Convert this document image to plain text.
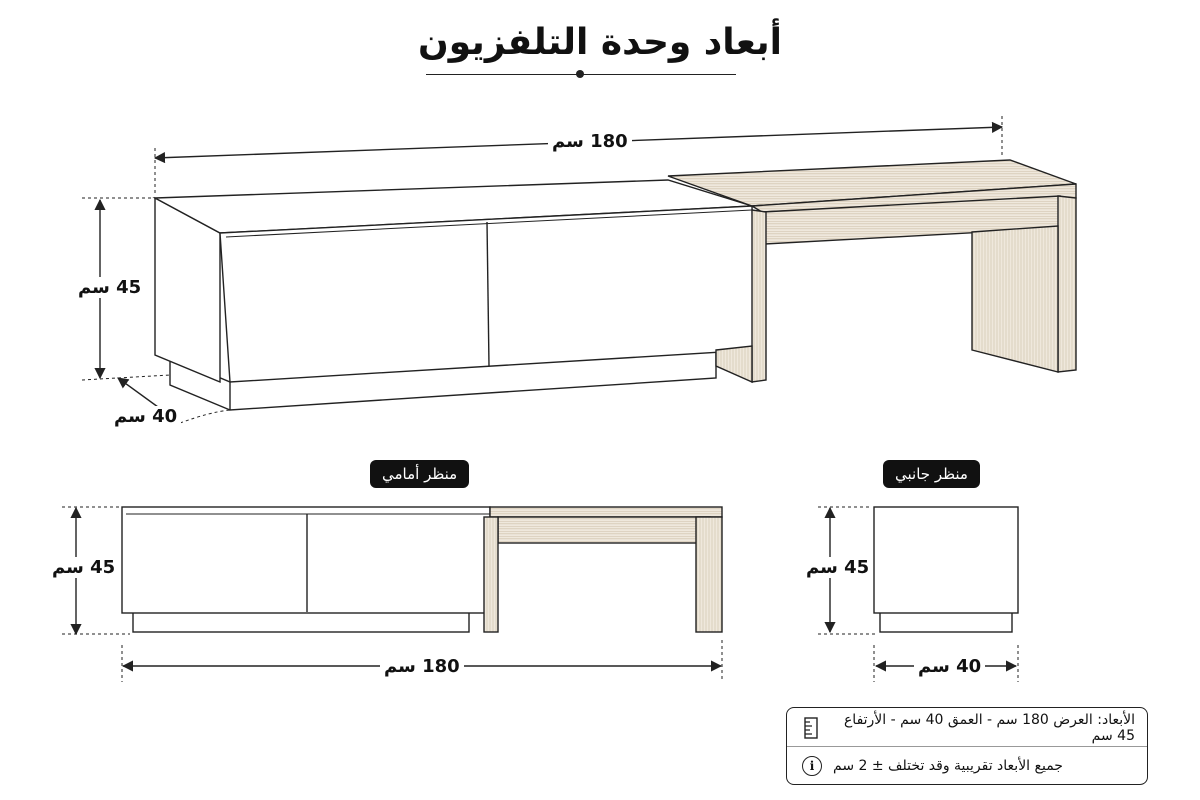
أبعاد وحدة التلفزيون
180 سم
45 سم
40 سم
منظر أمامي
45 سم
180 سم
منظر جانبي
45 سم
40 سم
الأبعاد: العرض 180 سم - العمق 40 سم - الأرتفاع 45 سم
جميع الأبعاد تقريبية وقد تختلف ± 2 سم
i
